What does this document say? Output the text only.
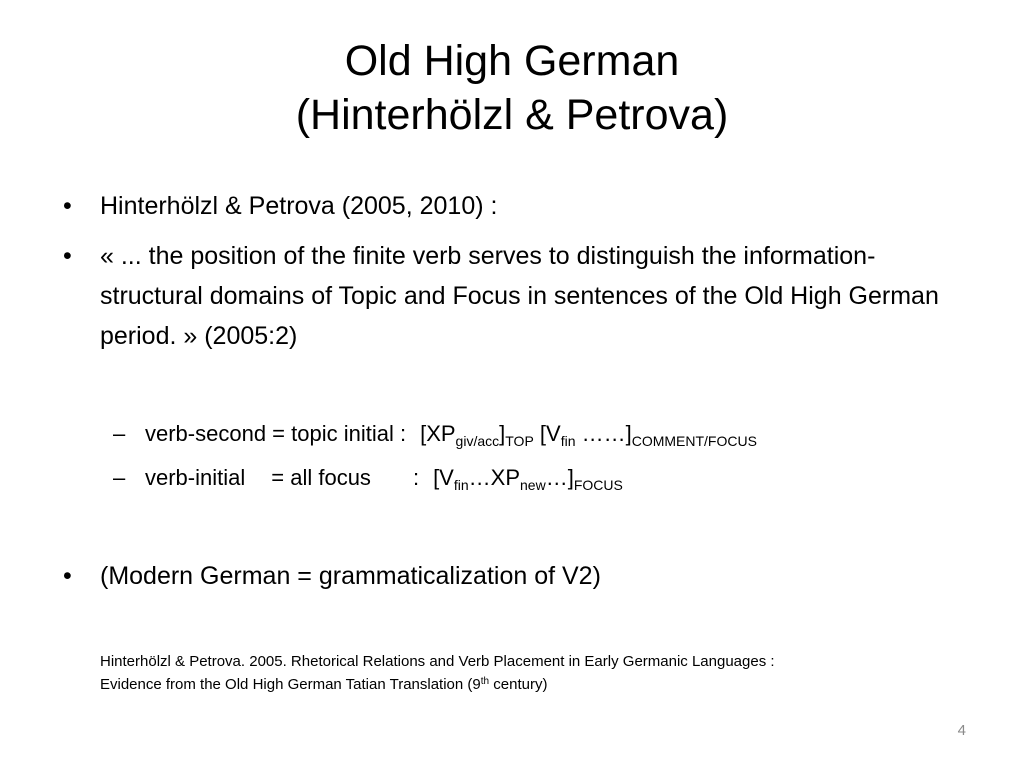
Old High German
(Hinterhölzl & Petrova)
•	Hinterhölzl & Petrova (2005, 2010) :
•	« ... the position of the finite verb serves to distinguish the information-structural domains of Topic and Focus in sentences of the Old High German period. » (2005:2)
– verb-second = topic initial : $[XP_{giv/acc}]_{TOP}$ [$V_{fin}$ $\dots\dots]_{COMMENT/FOCUS}$
– verb-initial = all focus : $[V_{fin}\dots XP_{new}\dots]_{FOCUS}$
•	(Modern German = grammaticalization of V2)
Hinterhölzl & Petrova. 2005. Rhetorical Relations and Verb Placement in Early Germanic Languages :
Evidence from the Old High German Tatian Translation (9th century)
4
